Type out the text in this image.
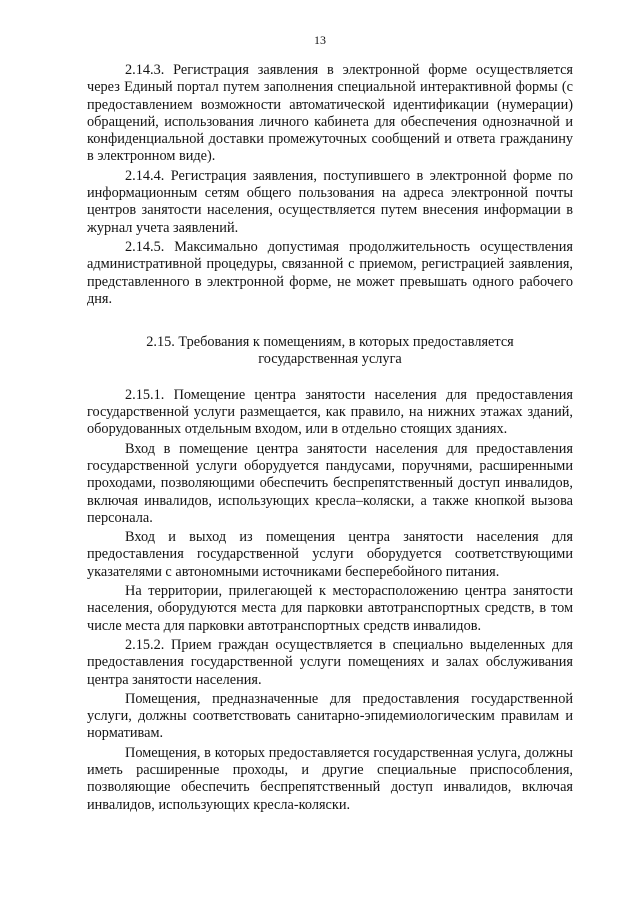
13

2.14.3. Регистрация заявления в электронной форме осуществляется через Единый портал путем заполнения специальной интерактивной формы (с предоставлением возможности автоматической идентификации (нумерации) обращений, использования личного кабинета для обеспечения однозначной и конфиденциальной доставки промежуточных сообщений и ответа гражданину в электронном виде).

2.14.4. Регистрация заявления, поступившего в электронной форме по информационным сетям общего пользования на адреса электронной почты центров занятости населения, осуществляется путем внесения информации в журнал учета заявлений.

2.14.5. Максимально допустимая продолжительность осуществления административной процедуры, связанной с приемом, регистрацией заявления, представленного в электронной форме, не может превышать одного рабочего дня.

2.15. Требования к помещениям, в которых предоставляется
государственная услуга

2.15.1. Помещение центра занятости населения для предоставления государственной услуги размещается, как правило, на нижних этажах зданий, оборудованных отдельным входом, или в отдельно стоящих зданиях.

Вход в помещение центра занятости населения для предоставления государственной услуги оборудуется пандусами, поручнями, расширенными проходами, позволяющими обеспечить беспрепятственный доступ инвалидов, включая инвалидов, использующих кресла–коляски, а также кнопкой вызова персонала.

Вход и выход из помещения центра занятости населения для предоставления государственной услуги оборудуется соответствующими указателями с автономными источниками бесперебойного питания.

На территории, прилегающей к месторасположению центра занятости населения, оборудуются места для парковки автотранспортных средств, в том числе места для парковки автотранспортных средств инвалидов.

2.15.2. Прием граждан осуществляется в специально выделенных для предоставления государственной услуги помещениях и залах обслуживания центра занятости населения.

Помещения, предназначенные для предоставления государственной услуги, должны соответствовать санитарно-эпидемиологическим правилам и нормативам.

Помещения, в которых предоставляется государственная услуга, должны иметь расширенные проходы, и другие специальные приспособления, позволяющие обеспечить беспрепятственный доступ инвалидов, включая инвалидов, использующих кресла-коляски.
